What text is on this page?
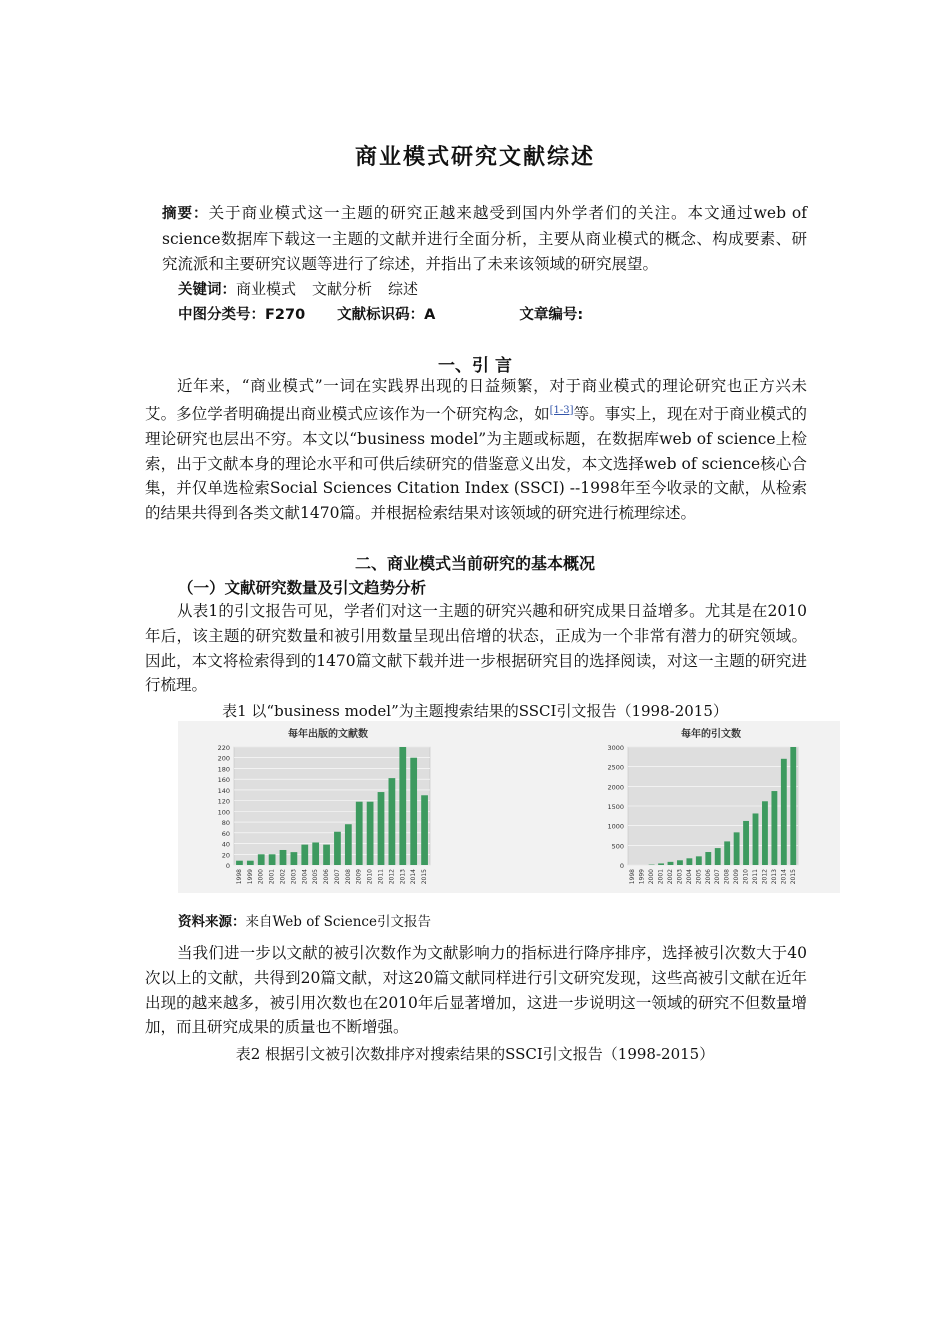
商业模式研究文献综述
摘要：关于商业模式这一主题的研究正越来越受到国内外学者们的关注。本文通过web of science数据库下载这一主题的文献并进行全面分析，主要从商业模式的概念、构成要素、研究流派和主要研究议题等进行了综述，并指出了未来该领域的研究展望。
关键词：商业模式 文献分析 综述
中图分类号：F270 文献标识码：A	文章编号:
一、引 言
近年来，“商业模式”一词在实践界出现的日益频繁，对于商业模式的理论研究也正方兴未艾。多位学者明确提出商业模式应该作为一个研究构念，如[1-3]等。事实上，现在对于商业模式的理论研究也层出不穷。本文以“business model”为主题或标题，在数据库web of science上检索，出于文献本身的理论水平和可供后续研究的借鉴意义出发，本文选择web of science核心合集，并仅单选检索Social Sciences Citation Index (SSCI) --1998年至今收录的文献，从检索的结果共得到各类文献1470篇。并根据检索结果对该领域的研究进行梳理综述。
二、商业模式当前研究的基本概况
（一）文献研究数量及引文趋势分析
从表1的引文报告可见，学者们对这一主题的研究兴趣和研究成果日益增多。尤其是在2010年后，该主题的研究数量和被引用数量呈现出倍增的状态，正成为一个非常有潜力的研究领域。因此，本文将检索得到的1470篇文献下载并进一步根据研究目的选择阅读，对这一主题的研究进行梳理。
表1 以“business model”为主题搜索结果的SSCI引文报告（1998-2015）
每年出版的文献数
0
20
40
60
80
100
120
140
160
180
200
220
1998 1999 2000 2001 2002 2003 2004 2005 2006 2007 2008 2009 2010 2011 2012 2013 2014 2015
每年的引文数
0
500
1000
1500
2000
2500
3000
1998 1999 2000 2001 2002 2003 2004 2005 2006 2007 2008 2009 2010 2011 2012 2013 2014 2015
资料来源：来自Web of Science引文报告
当我们进一步以文献的被引次数作为文献影响力的指标进行降序排序，选择被引次数大于40次以上的文献，共得到20篇文献，对这20篇文献同样进行引文研究发现，这些高被引文献在近年出现的越来越多，被引用次数也在2010年后显著增加，这进一步说明这一领域的研究不但数量增加，而且研究成果的质量也不断增强。
表2 根据引文被引次数排序对搜索结果的SSCI引文报告（1998-2015）
